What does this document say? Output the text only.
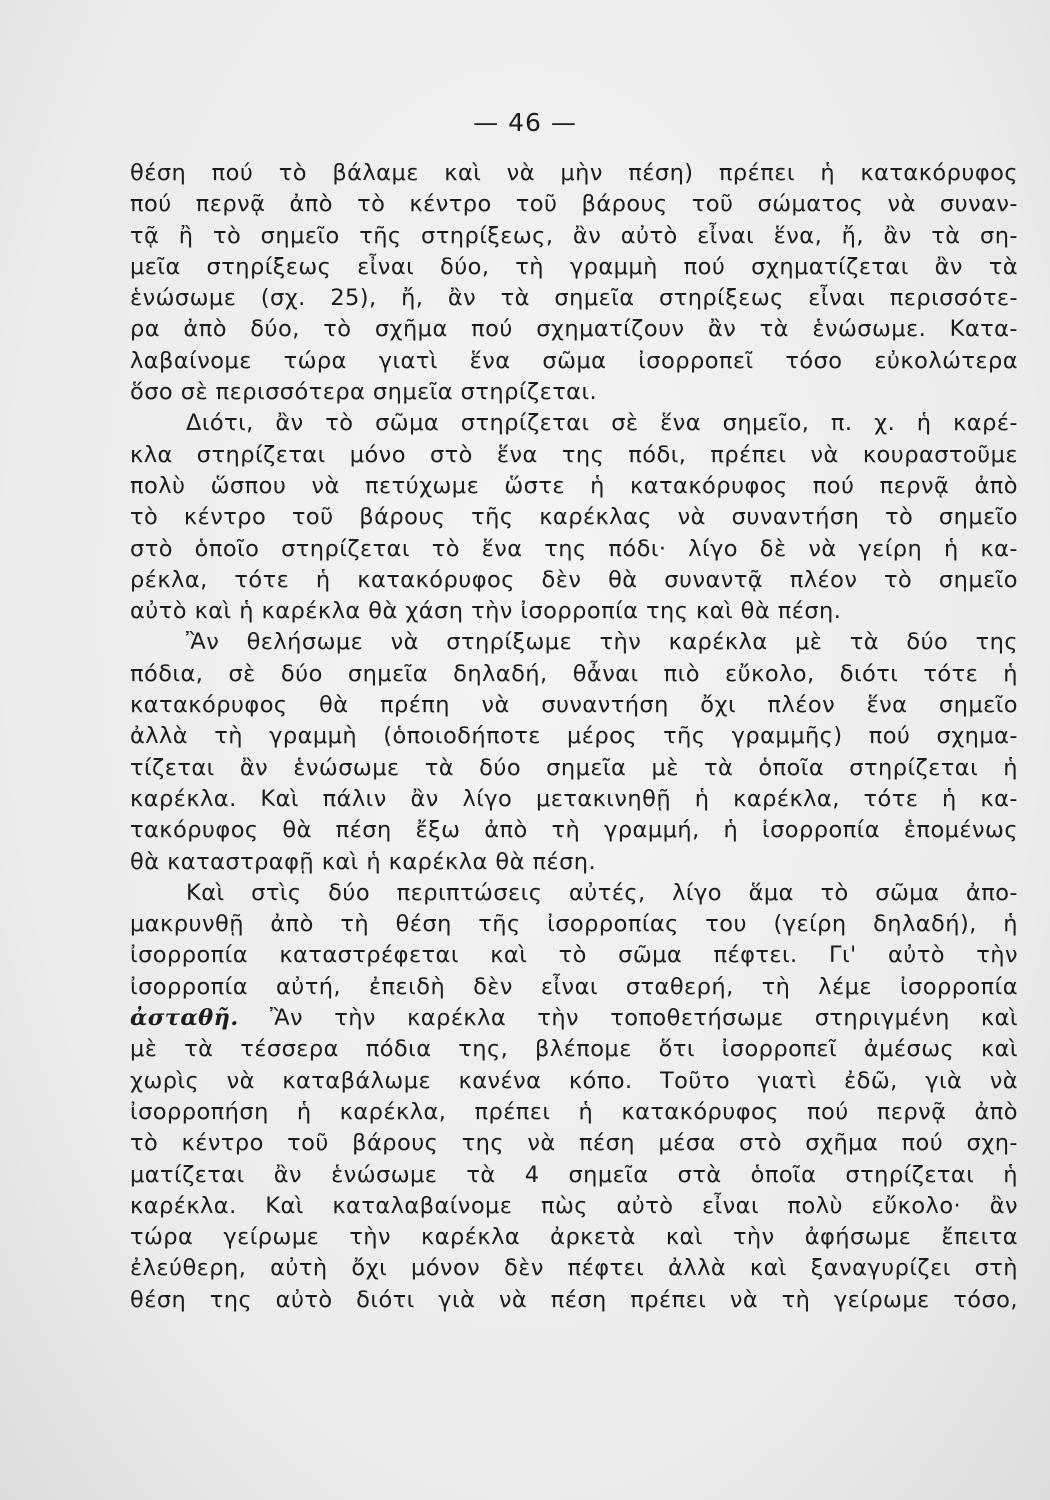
— 46 —
θέση πού τὸ βάλαμε καὶ νὰ μὴν πέση) πρέπει ἡ κατακόρυφος
πού περνᾷ ἀπὸ τὸ κέντρο τοῦ βάρους τοῦ σώματος νὰ συναν-
τᾷ ἢ τὸ σημεῖο τῆς στηρίξεως, ἂν αὐτὸ εἶναι ἕνα, ἤ, ἂν τὰ ση-
μεῖα στηρίξεως εἶναι δύο, τὴ γραμμὴ πού σχηματίζεται ἂν τὰ
ἑνώσωμε (σχ. 25), ἤ, ἂν τὰ σημεῖα στηρίξεως εἶναι περισσότε-
ρα ἀπὸ δύο, τὸ σχῆμα πού σχηματίζουν ἂν τὰ ἑνώσωμε. Κατα-
λαβαίνομε τώρα γιατὶ ἕνα σῶμα ἰσορροπεῖ τόσο εὐκολώτερα
ὅσο σὲ περισσότερα σημεῖα στηρίζεται.
Διότι, ἂν τὸ σῶμα στηρίζεται σὲ ἕνα σημεῖο, π. χ. ἡ καρέ-
κλα στηρίζεται μόνο στὸ ἕνα της πόδι, πρέπει νὰ κουραστοῦμε
πολὺ ὥσπου νὰ πετύχωμε ὥστε ἡ κατακόρυφος πού περνᾷ ἀπὸ
τὸ κέντρο τοῦ βάρους τῆς καρέκλας νὰ συναντήση τὸ σημεῖο
στὸ ὁποῖο στηρίζεται τὸ ἕνα της πόδι· λίγο δὲ νὰ γείρη ἡ κα-
ρέκλα, τότε ἡ κατακόρυφος δὲν θὰ συναντᾷ πλέον τὸ σημεῖο
αὐτὸ καὶ ἡ καρέκλα θὰ χάση τὴν ἰσορροπία της καὶ θὰ πέση.
Ἂν θελήσωμε νὰ στηρίξωμε τὴν καρέκλα μὲ τὰ δύο της
πόδια, σὲ δύο σημεῖα δηλαδή, θἆναι πιὸ εὔκολο, διότι τότε ἡ
κατακόρυφος θὰ πρέπη νὰ συναντήση ὄχι πλέον ἕνα σημεῖο
ἀλλὰ τὴ γραμμὴ (ὁποιοδήποτε μέρος τῆς γραμμῆς) πού σχημα-
τίζεται ἂν ἑνώσωμε τὰ δύο σημεῖα μὲ τὰ ὁποῖα στηρίζεται ἡ
καρέκλα. Καὶ πάλιν ἂν λίγο μετακινηθῇ ἡ καρέκλα, τότε ἡ κα-
τακόρυφος θὰ πέση ἔξω ἀπὸ τὴ γραμμή, ἡ ἰσορροπία ἑπομένως
θὰ καταστραφῇ καὶ ἡ καρέκλα θὰ πέση.
Καὶ στὶς δύο περιπτώσεις αὐτές, λίγο ἅμα τὸ σῶμα ἀπο-
μακρυνθῇ ἀπὸ τὴ θέση τῆς ἰσορροπίας του (γείρη δηλαδή), ἡ
ἰσορροπία καταστρέφεται καὶ τὸ σῶμα πέφτει. Γι' αὐτὸ τὴν
ἰσορροπία αὐτή, ἐπειδὴ δὲν εἶναι σταθερή, τὴ λέμε ἰσορροπία
ἀσταθῆ. Ἂν τὴν καρέκλα τὴν τοποθετήσωμε στηριγμένη καὶ
μὲ τὰ τέσσερα πόδια της, βλέπομε ὅτι ἰσορροπεῖ ἀμέσως καὶ
χωρὶς νὰ καταβάλωμε κανένα κόπο. Τοῦτο γιατὶ ἐδῶ, γιὰ νὰ
ἰσορροπήση ἡ καρέκλα, πρέπει ἡ κατακόρυφος πού περνᾷ ἀπὸ
τὸ κέντρο τοῦ βάρους της νὰ πέση μέσα στὸ σχῆμα πού σχη-
ματίζεται ἂν ἑνώσωμε τὰ 4 σημεῖα στὰ ὁποῖα στηρίζεται ἡ
καρέκλα. Καὶ καταλαβαίνομε πὼς αὐτὸ εἶναι πολὺ εὔκολο· ἂν
τώρα γείρωμε τὴν καρέκλα ἀρκετὰ καὶ τὴν ἀφήσωμε ἔπειτα
ἐλεύθερη, αὐτὴ ὄχι μόνον δὲν πέφτει ἀλλὰ καὶ ξαναγυρίζει στὴ
θέση της αὐτὸ διότι γιὰ νὰ πέση πρέπει νὰ τὴ γείρωμε τόσο,
